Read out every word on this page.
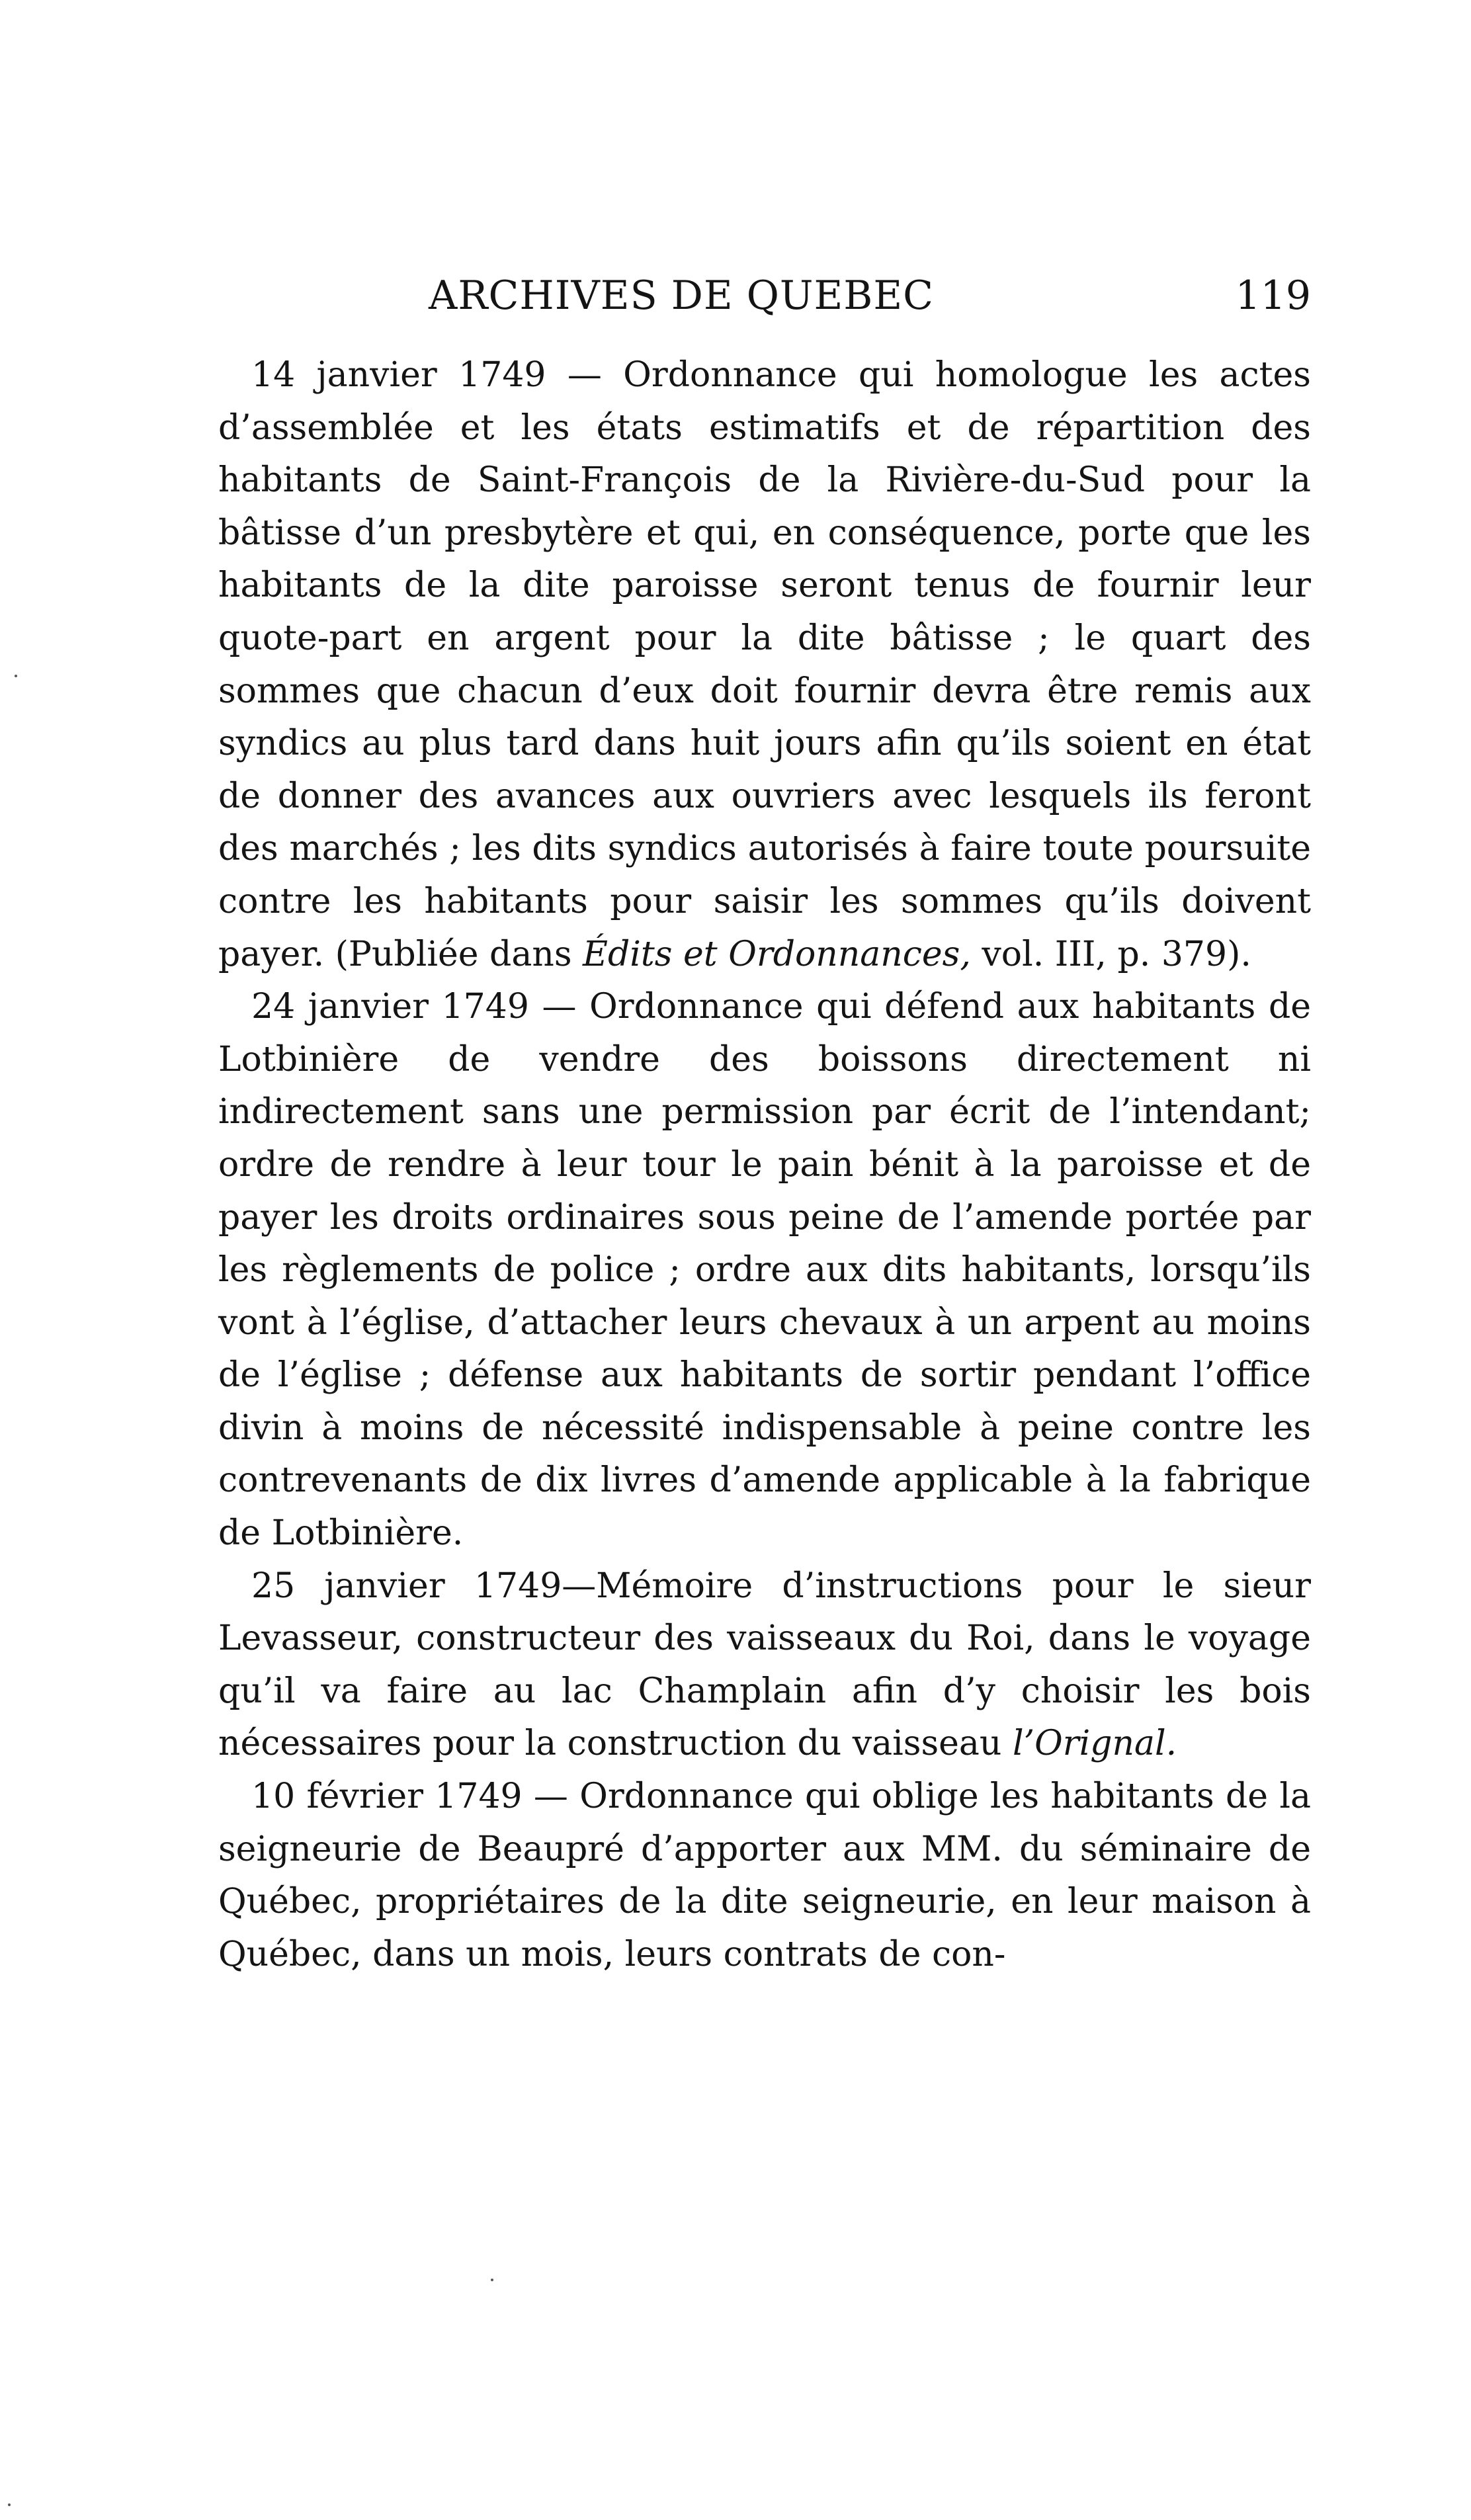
ARCHIVES DE QUEBEC	119

14 janvier 1749 — Ordonnance qui homologue les actes d’assemblée et les états estimatifs et de répartition des habitants de Saint-François de la Rivière-du-Sud pour la bâtisse d’un presbytère et qui, en conséquence, porte que les habitants de la dite paroisse seront tenus de fournir leur quote-part en argent pour la dite bâtisse ; le quart des sommes que chacun d’eux doit fournir devra être remis aux syndics au plus tard dans huit jours afin qu’ils soient en état de donner des avances aux ouvriers avec lesquels ils feront des marchés ; les dits syndics autorisés à faire toute poursuite contre les habitants pour saisir les sommes qu’ils doivent payer. (Publiée dans Édits et Ordonnances, vol. III, p. 379).

24 janvier 1749 — Ordonnance qui défend aux habitants de Lotbinière de vendre des boissons directement ni indirectement sans une permission par écrit de l’intendant; ordre de rendre à leur tour le pain bénit à la paroisse et de payer les droits ordinaires sous peine de l’amende portée par les règlements de police ; ordre aux dits habitants, lorsqu’ils vont à l’église, d’attacher leurs chevaux à un arpent au moins de l’église ; défense aux habitants de sortir pendant l’office divin à moins de nécessité indispensable à peine contre les contrevenants de dix livres d’amende applicable à la fabrique de Lotbinière.

25 janvier 1749—Mémoire d’instructions pour le sieur Levasseur, constructeur des vaisseaux du Roi, dans le voyage qu’il va faire au lac Champlain afin d’y choisir les bois nécessaires pour la construction du vaisseau l’Orignal.

10 février 1749 — Ordonnance qui oblige les habitants de la seigneurie de Beaupré d’apporter aux MM. du séminaire de Québec, propriétaires de la dite seigneurie, en leur maison à Québec, dans un mois, leurs contrats de con-
